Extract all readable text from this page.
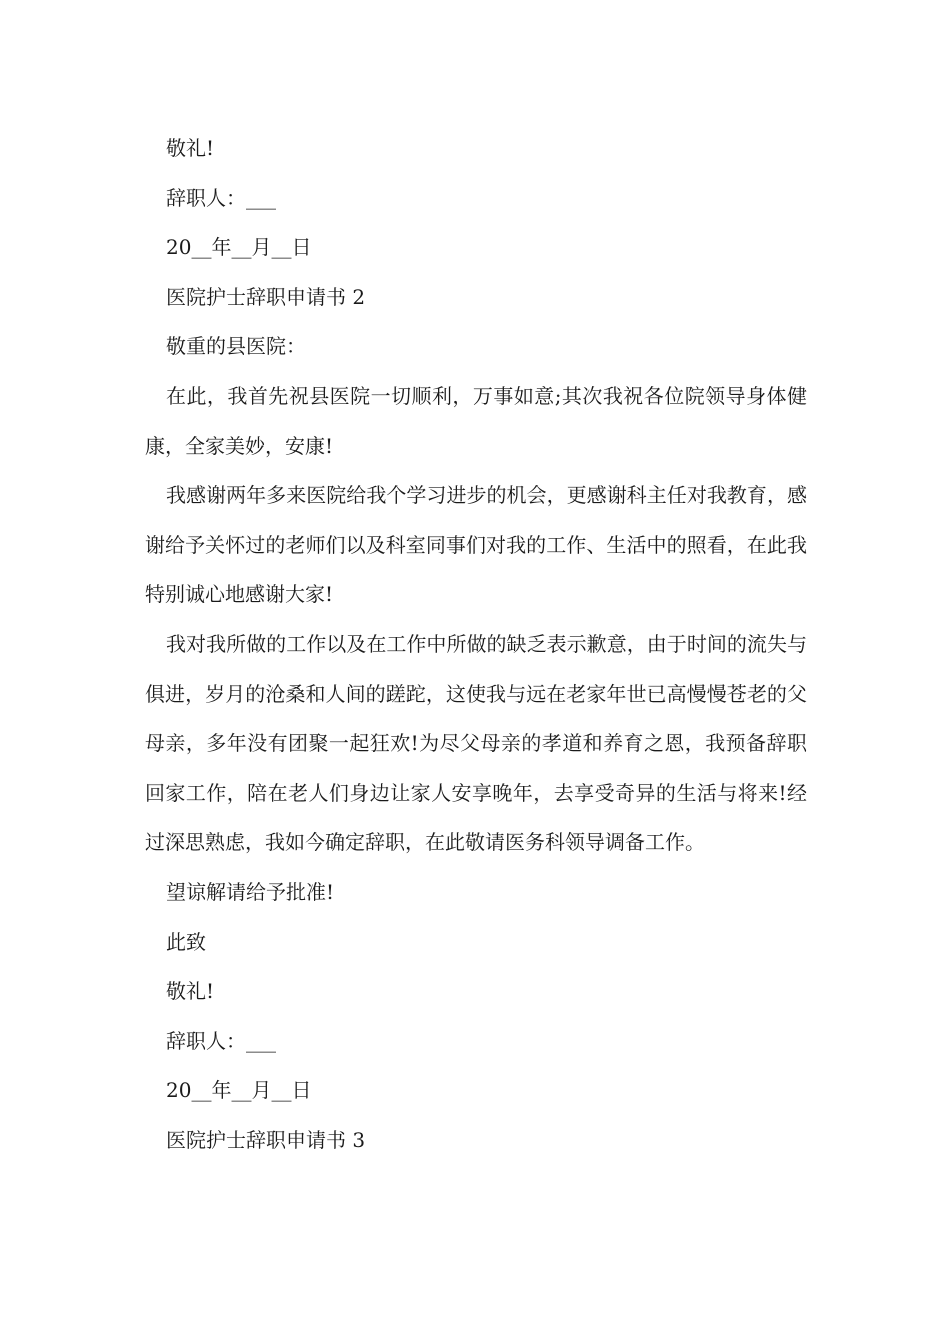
敬礼!
辞职人：___
20__年__月__日
医院护士辞职申请书 2
敬重的县医院：
在此，我首先祝县医院一切顺利，万事如意;其次我祝各位院领导身体健康，全家美妙，安康!
我感谢两年多来医院给我个学习进步的机会，更感谢科主任对我教育，感谢给予关怀过的老师们以及科室同事们对我的工作、生活中的照看，在此我特别诚心地感谢大家!
我对我所做的工作以及在工作中所做的缺乏表示歉意，由于时间的流失与俱进，岁月的沧桑和人间的蹉跎，这使我与远在老家年世已高慢慢苍老的父母亲，多年没有团聚一起狂欢!为尽父母亲的孝道和养育之恩，我预备辞职回家工作，陪在老人们身边让家人安享晚年，去享受奇异的生活与将来!经过深思熟虑，我如今确定辞职，在此敬请医务科领导调备工作。
望谅解请给予批准!
此致
敬礼!
辞职人：___
20__年__月__日
医院护士辞职申请书 3
